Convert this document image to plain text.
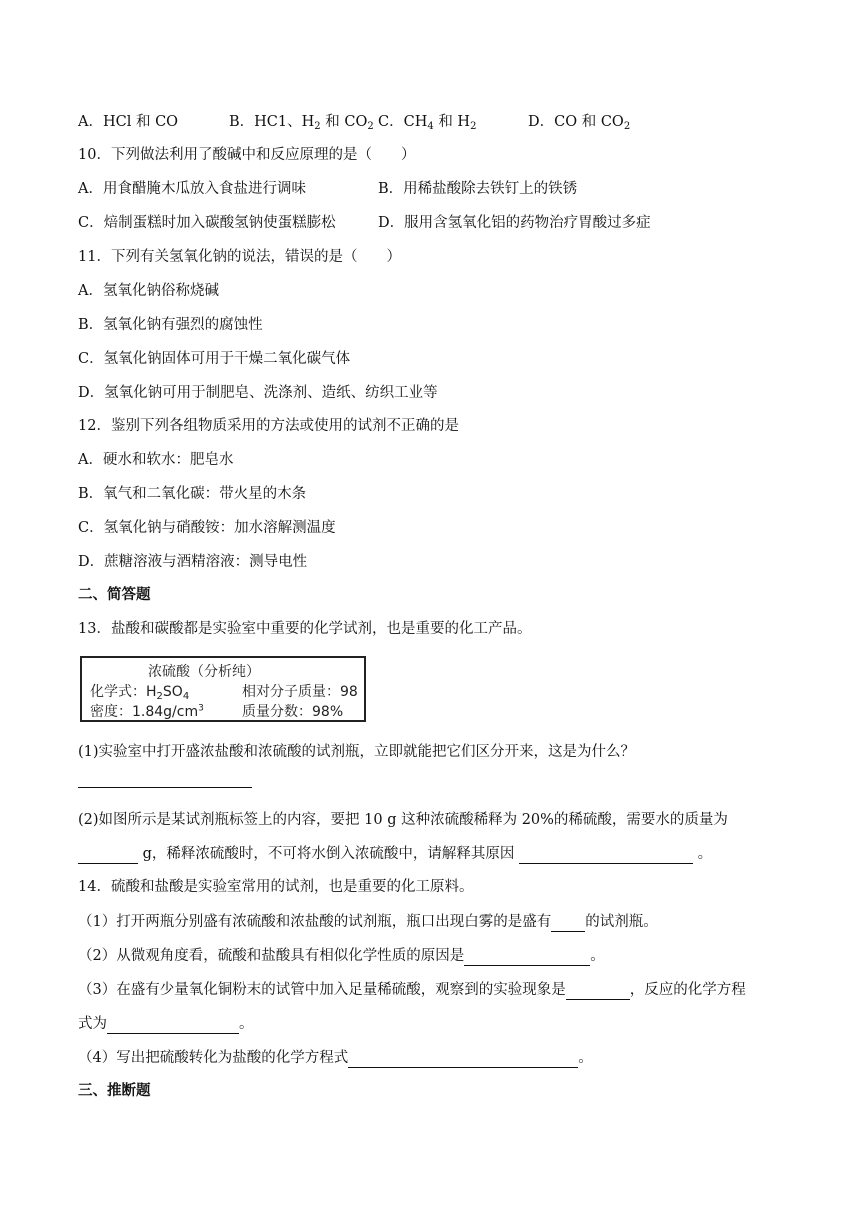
A．HCl 和 CO	B．HC1、$H_2$ 和 $CO_2$ C．$CH_4$ 和 $H_2$	D．CO 和 $CO_2$
10．下列做法利用了酸碱中和反应原理的是（　　）
A．用食醋腌木瓜放入食盐进行调味	B．用稀盐酸除去铁钉上的铁锈
C．焙制蛋糕时加入碳酸氢钠使蛋糕膨松	D．服用含氢氧化铝的药物治疗胃酸过多症
11．下列有关氢氧化钠的说法，错误的是（　　）
A．氢氧化钠俗称烧碱
B．氢氧化钠有强烈的腐蚀性
C．氢氧化钠固体可用于干燥二氧化碳气体
D．氢氧化钠可用于制肥皂、洗涤剂、造纸、纺织工业等
12．鉴别下列各组物质采用的方法或使用的试剂不正确的是
A．硬水和软水：肥皂水
B．氧气和二氧化碳：带火星的木条
C．氢氧化钠与硝酸铵：加水溶解测温度
D．蔗糖溶液与酒精溶液：测导电性
二、简答题
13．盐酸和碳酸都是实验室中重要的化学试剂，也是重要的化工产品。
浓硫酸（分析纯）
化学式：$H_2SO_4$	相对分子质量：98
密度：$1.84g/cm^3$	质量分数：98%
(1)实验室中打开盛浓盐酸和浓硫酸的试剂瓶，立即就能把它们区分开来，这是为什么？
(2)如图所示是某试剂瓶标签上的内容，要把 10 g 这种浓硫酸稀释为 20%的稀硫酸，需要水的质量为
g，稀释浓硫酸时，不可将水倒入浓硫酸中，请解释其原因	。
14．硫酸和盐酸是实验室常用的试剂，也是重要的化工原料。
（1）打开两瓶分别盛有浓硫酸和浓盐酸的试剂瓶，瓶口出现白雾的是盛有 的试剂瓶。
（2）从微观角度看，硫酸和盐酸具有相似化学性质的原因是	。
（3）在盛有少量氧化铜粉末的试管中加入足量稀硫酸，观察到的实验现象是	，反应的化学方程
式为	。
（4）写出把硫酸转化为盐酸的化学方程式	。
三、推断题
